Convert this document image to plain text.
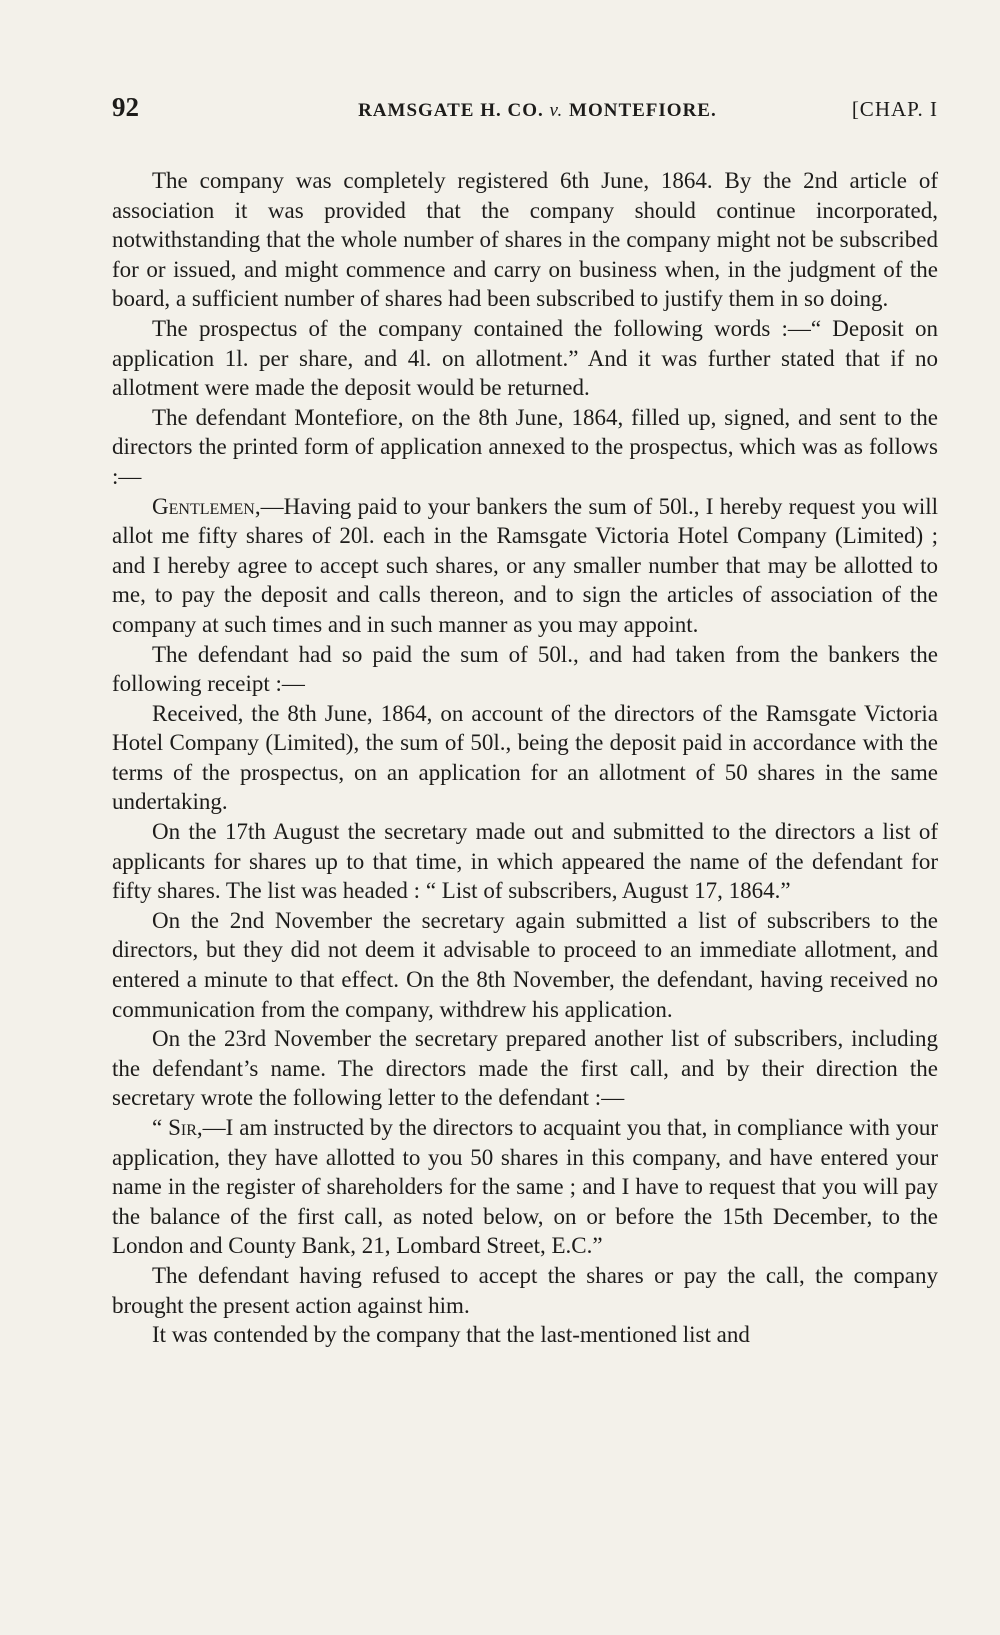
92	RAMSGATE H. CO. v. MONTEFIORE.	[CHAP. I

The company was completely registered 6th June, 1864. By the 2nd article of association it was provided that the company should continue incorporated, notwithstanding that the whole number of shares in the company might not be subscribed for or issued, and might commence and carry on business when, in the judgment of the board, a sufficient number of shares had been subscribed to justify them in so doing.

The prospectus of the company contained the following words :—“ Deposit on application 1l. per share, and 4l. on allotment.” And it was further stated that if no allotment were made the deposit would be returned.

The defendant Montefiore, on the 8th June, 1864, filled up, signed, and sent to the directors the printed form of application annexed to the prospectus, which was as follows :—

Gentlemen,—Having paid to your bankers the sum of 50l., I hereby request you will allot me fifty shares of 20l. each in the Ramsgate Victoria Hotel Company (Limited) ; and I hereby agree to accept such shares, or any smaller number that may be allotted to me, to pay the deposit and calls thereon, and to sign the articles of association of the company at such times and in such manner as you may appoint.

The defendant had so paid the sum of 50l., and had taken from the bankers the following receipt :—

Received, the 8th June, 1864, on account of the directors of the Ramsgate Victoria Hotel Company (Limited), the sum of 50l., being the deposit paid in accordance with the terms of the prospectus, on an application for an allotment of 50 shares in the same undertaking.

On the 17th August the secretary made out and submitted to the directors a list of applicants for shares up to that time, in which appeared the name of the defendant for fifty shares. The list was headed : “ List of subscribers, August 17, 1864.”

On the 2nd November the secretary again submitted a list of subscribers to the directors, but they did not deem it advisable to proceed to an immediate allotment, and entered a minute to that effect. On the 8th November, the defendant, having received no communication from the company, withdrew his application.

On the 23rd November the secretary prepared another list of subscribers, including the defendant’s name. The directors made the first call, and by their direction the secretary wrote the following letter to the defendant :—

“ Sir,—I am instructed by the directors to acquaint you that, in compliance with your application, they have allotted to you 50 shares in this company, and have entered your name in the register of shareholders for the same ; and I have to request that you will pay the balance of the first call, as noted below, on or before the 15th December, to the London and County Bank, 21, Lombard Street, E.C.”

The defendant having refused to accept the shares or pay the call, the company brought the present action against him.

It was contended by the company that the last-mentioned list and
